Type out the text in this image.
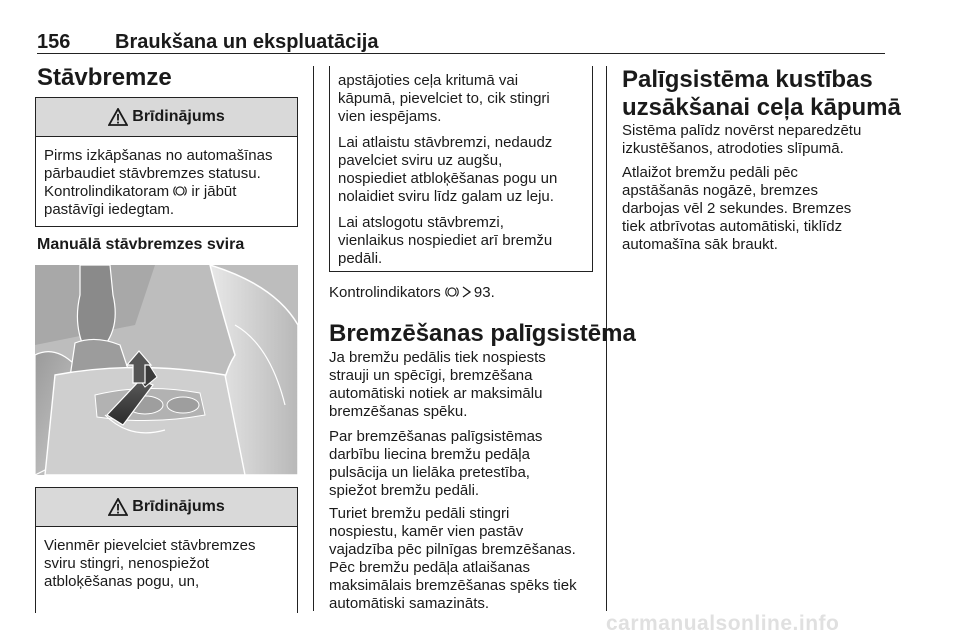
156 Braukšana un ekspluatācija
Stāvbremze
Brīdinājums
Pirms izkāpšanas no automašīnas
pārbaudiet stāvbremzes statusu.
Kontrolindikatoram ir jābūt
pastāvīgi iedegtam.
Manuālā stāvbremzes svira
Brīdinājums
Vienmēr pievelciet stāvbremzes
sviru stingri, nenospiežot
atbloķēšanas pogu, un,
apstājoties ceļa kritumā vai
kāpumā, pievelciet to, cik stingri
vien iespējams.
Lai atlaistu stāvbremzi, nedaudz
pavelciet sviru uz augšu,
nospiediet atbloķēšanas pogu un
nolaidiet sviru līdz galam uz leju.
Lai atslogotu stāvbremzi,
vienlaikus nospiediet arī bremžu
pedāli.
Kontrolindikators 93.
Bremzēšanas palīgsistēma
Ja bremžu pedālis tiek nospiests
strauji un spēcīgi, bremzēšana
automātiski notiek ar maksimālu
bremzēšanas spēku.
Par bremzēšanas palīgsistēmas
darbību liecina bremžu pedāļa
pulsācija un lielāka pretestība,
spiežot bremžu pedāli.
Turiet bremžu pedāli stingri
nospiestu, kamēr vien pastāv
vajadzība pēc pilnīgas bremzēšanas.
Pēc bremžu pedāļa atlaišanas
maksimālais bremzēšanas spēks tiek
automātiski samazināts.
Palīgsistēma kustības
uzsākšanai ceļa kāpumā
Sistēma palīdz novērst neparedzētu
izkustēšanos, atrodoties slīpumā.
Atlaižot bremžu pedāli pēc
apstāšanās nogāzē, bremzes
darbojas vēl 2 sekundes. Bremzes
tiek atbrīvotas automātiski, tiklīdz
automašīna sāk braukt.
carmanualsonline.info
